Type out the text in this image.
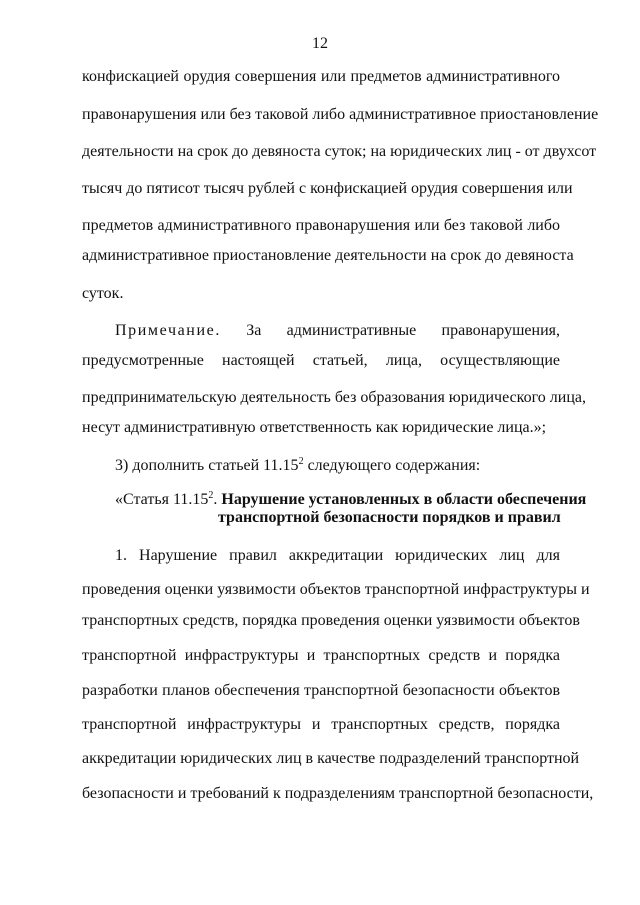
12
конфискацией орудия совершения или предметов административного
правонарушения или без таковой либо административное приостановление
деятельности на срок до девяноста суток; на юридических лиц - от двухсот
тысяч до пятисот тысяч рублей с конфискацией орудия совершения или
предметов административного правонарушения или без таковой либо
административное приостановление деятельности на срок до девяноста
суток.
Примечание. За административные правонарушения,
предусмотренные настоящей статьей, лица, осуществляющие
предпринимательскую деятельность без образования юридического лица,
несут административную ответственность как юридические лица.»;
3) дополнить статьей 11.15$^2$ следующего содержания:
«Статья 11.15$^2$. Нарушение установленных в области обеспечения
транспортной безопасности порядков и правил
1. Нарушение правил аккредитации юридических лиц для
проведения оценки уязвимости объектов транспортной инфраструктуры и
транспортных средств, порядка проведения оценки уязвимости объектов
транспортной инфраструктуры и транспортных средств и порядка
разработки планов обеспечения транспортной безопасности объектов
транспортной инфраструктуры и транспортных средств, порядка
аккредитации юридических лиц в качестве подразделений транспортной
безопасности и требований к подразделениям транспортной безопасности,
